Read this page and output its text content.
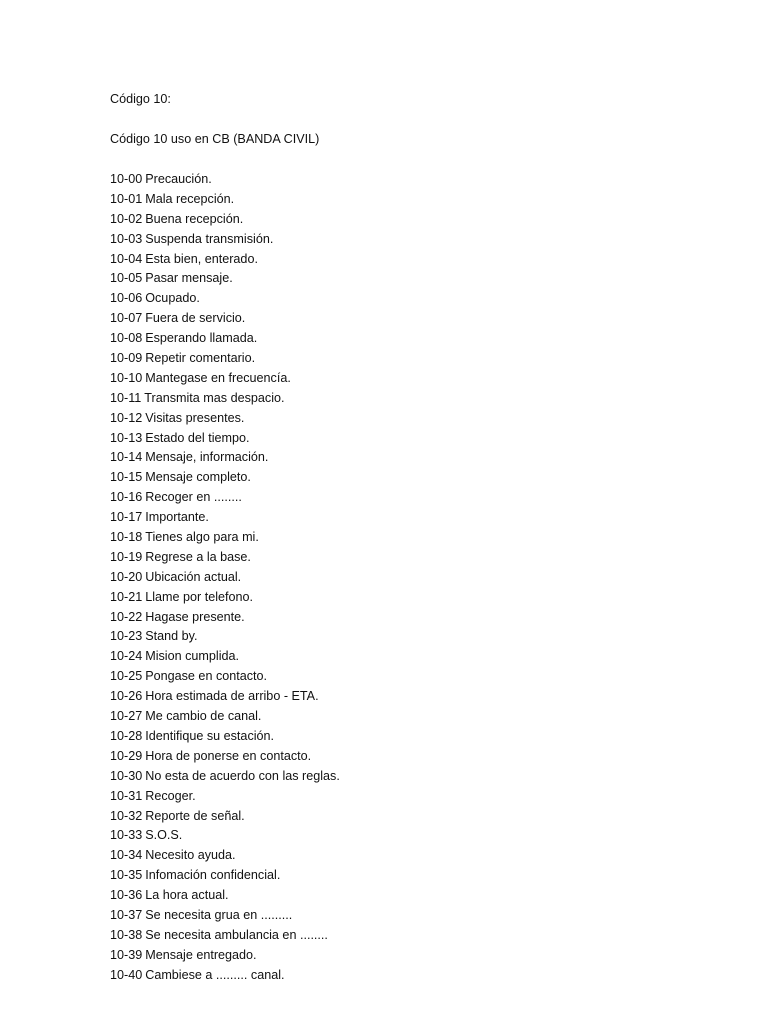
Código 10:

Código 10 uso en CB (BANDA CIVIL)

10-00 Precaución.
10-01 Mala recepción.
10-02 Buena recepción.
10-03 Suspenda transmisión.
10-04 Esta bien, enterado.
10-05 Pasar mensaje.
10-06 Ocupado.
10-07 Fuera de servicio.
10-08 Esperando llamada.
10-09 Repetir comentario.
10-10 Mantegase en frecuencía.
10-11 Transmita mas despacio.
10-12 Visitas presentes.
10-13 Estado del tiempo.
10-14 Mensaje, información.
10-15 Mensaje completo.
10-16 Recoger en ........
10-17 Importante.
10-18 Tienes algo para mi.
10-19 Regrese a la base.
10-20 Ubicación actual.
10-21 Llame por telefono.
10-22 Hagase presente.
10-23 Stand by.
10-24 Mision cumplida.
10-25 Pongase en contacto.
10-26 Hora estimada de arribo - ETA.
10-27 Me cambio de canal.
10-28 Identifique su estación.
10-29 Hora de ponerse en contacto.
10-30 No esta de acuerdo con las reglas.
10-31 Recoger.
10-32 Reporte de señal.
10-33 S.O.S.
10-34 Necesito ayuda.
10-35 Infomación confidencial.
10-36 La hora actual.
10-37 Se necesita grua en .........
10-38 Se necesita ambulancia en ........
10-39 Mensaje entregado.
10-40 Cambiese a ......... canal.
